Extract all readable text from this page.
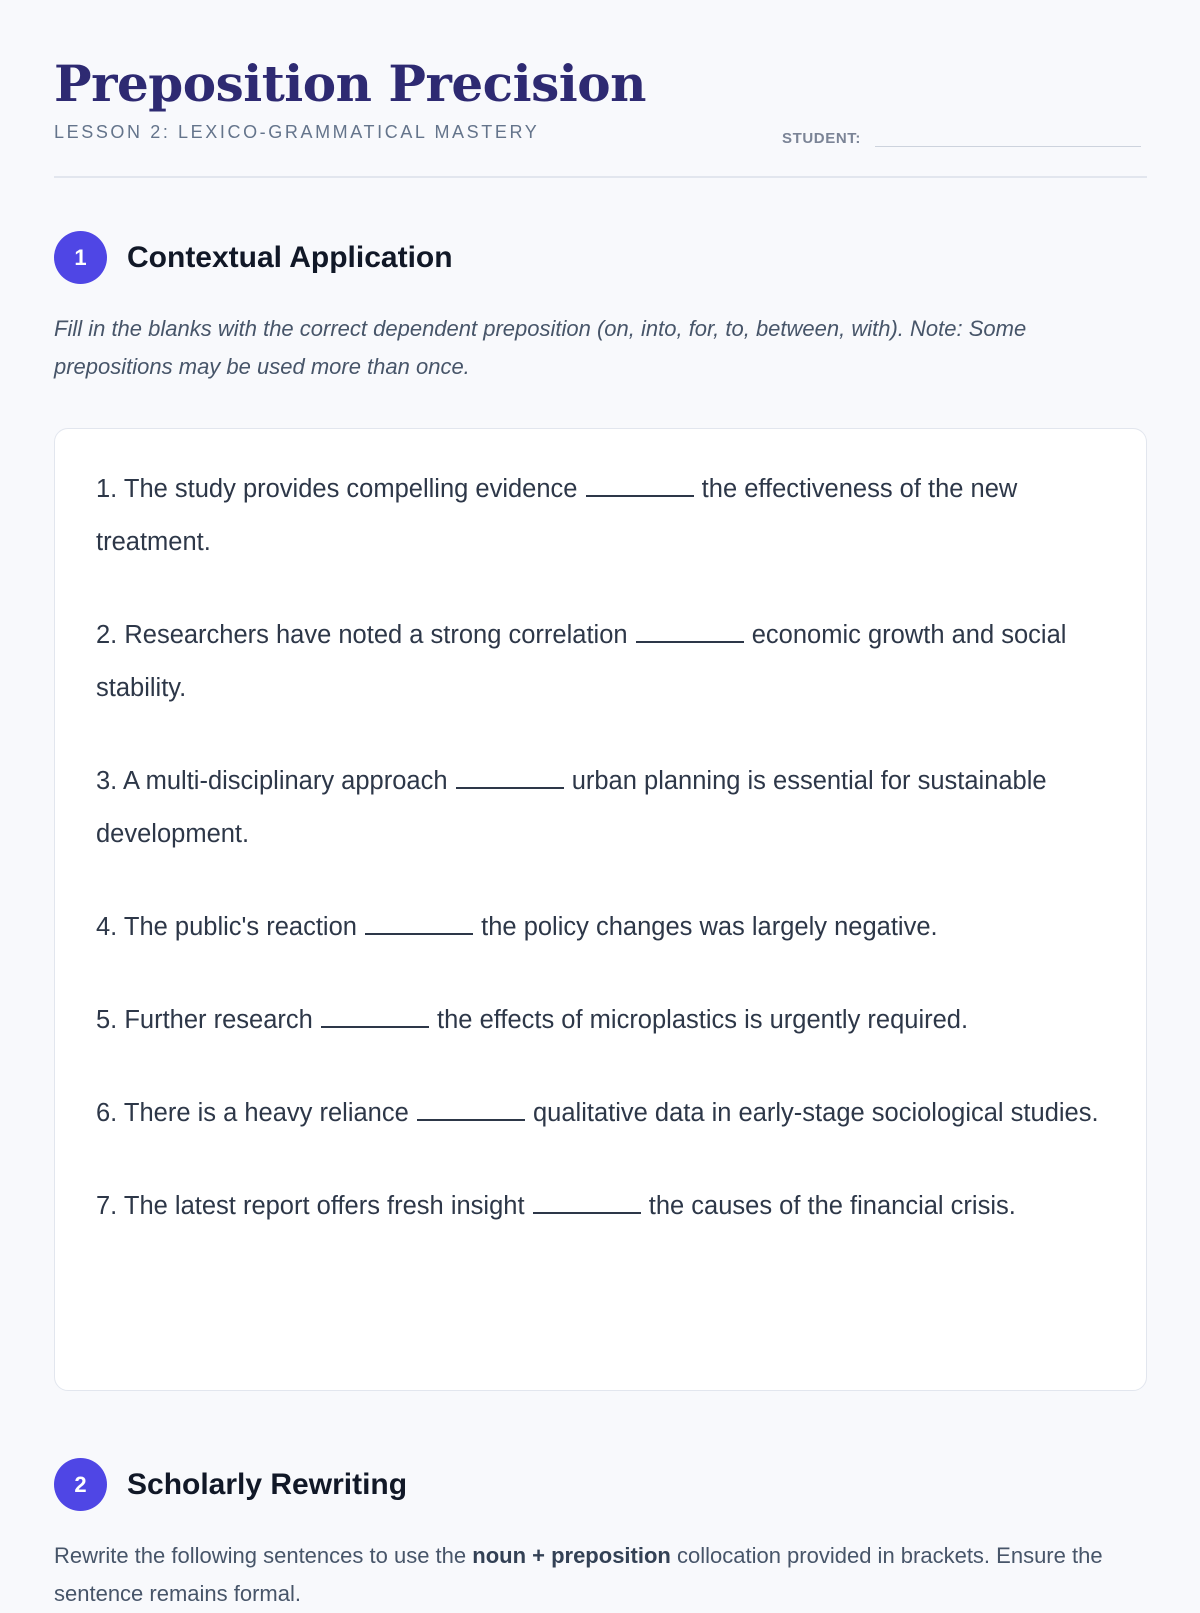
Preposition Precision
LESSON 2: LEXICO-GRAMMATICAL MASTERY	STUDENT:
1	Contextual Application

Fill in the blanks with the correct dependent preposition (on, into, for, to, between, with). Note: Some prepositions may be used more than once.

1. The study provides compelling evidence	the effectiveness of the new treatment.
2. Researchers have noted a strong correlation	economic growth and social stability.
3. A multi-disciplinary approach	urban planning is essential for sustainable development.
4. The public's reaction	the policy changes was largely negative.
5. Further research	the effects of microplastics is urgently required.
6. There is a heavy reliance	qualitative data in early-stage sociological studies.
7. The latest report offers fresh insight	the causes of the financial crisis.
2	Scholarly Rewriting

Rewrite the following sentences to use the noun + preposition collocation provided in brackets. Ensure the sentence remains formal.
